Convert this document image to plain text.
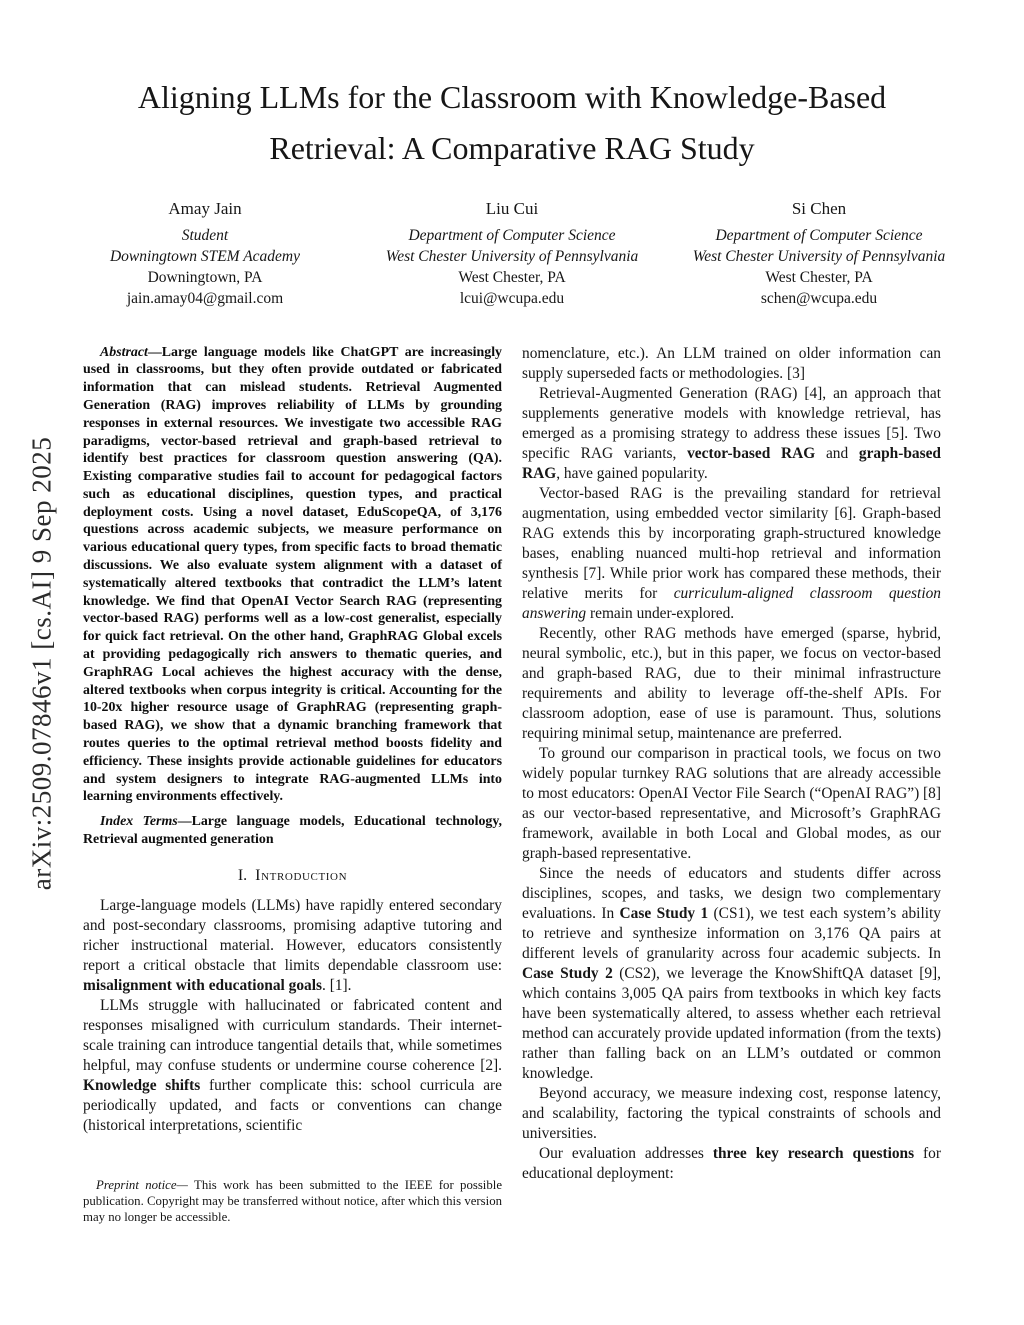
arXiv:2509.07846v1 [cs.AI] 9 Sep 2025
Aligning LLMs for the Classroom with Knowledge-Based Retrieval: A Comparative RAG Study
Amay Jain
Student
Downingtown STEM Academy
Downingtown, PA
jain.amay04@gmail.com
Liu Cui
Department of Computer Science
West Chester University of Pennsylvania
West Chester, PA
lcui@wcupa.edu
Si Chen
Department of Computer Science
West Chester University of Pennsylvania
West Chester, PA
schen@wcupa.edu

Abstract—Large language models like ChatGPT are increasingly used in classrooms, but they often provide outdated or fabricated information that can mislead students. Retrieval Augmented Generation (RAG) improves reliability of LLMs by grounding responses in external resources. We investigate two accessible RAG paradigms, vector-based retrieval and graph-based retrieval to identify best practices for classroom question answering (QA). Existing comparative studies fail to account for pedagogical factors such as educational disciplines, question types, and practical deployment costs. Using a novel dataset, EduScopeQA, of 3,176 questions across academic subjects, we measure performance on various educational query types, from specific facts to broad thematic discussions. We also evaluate system alignment with a dataset of systematically altered textbooks that contradict the LLM’s latent knowledge. We find that OpenAI Vector Search RAG (representing vector-based RAG) performs well as a low-cost generalist, especially for quick fact retrieval. On the other hand, GraphRAG Global excels at providing pedagogically rich answers to thematic queries, and GraphRAG Local achieves the highest accuracy with the dense, altered textbooks when corpus integrity is critical. Accounting for the 10-20x higher resource usage of GraphRAG (representing graph-based RAG), we show that a dynamic branching framework that routes queries to the optimal retrieval method boosts fidelity and efficiency. These insights provide actionable guidelines for educators and system designers to integrate RAG-augmented LLMs into learning environments effectively.

Index Terms—Large language models, Educational technology, Retrieval augmented generation

I. Introduction

Large-language models (LLMs) have rapidly entered secondary and post-secondary classrooms, promising adaptive tutoring and richer instructional material. However, educators consistently report a critical obstacle that limits dependable classroom use: misalignment with educational goals. [1].

LLMs struggle with hallucinated or fabricated content and responses misaligned with curriculum standards. Their internet-scale training can introduce tangential details that, while sometimes helpful, may confuse students or undermine course coherence [2]. Knowledge shifts further complicate this: school curricula are periodically updated, and facts or conventions can change (historical interpretations, scientific

Preprint notice— This work has been submitted to the IEEE for possible publication. Copyright may be transferred without notice, after which this version may no longer be accessible.

nomenclature, etc.). An LLM trained on older information can supply superseded facts or methodologies. [3]

Retrieval-Augmented Generation (RAG) [4], an approach that supplements generative models with knowledge retrieval, has emerged as a promising strategy to address these issues [5]. Two specific RAG variants, vector-based RAG and graph-based RAG, have gained popularity.

Vector-based RAG is the prevailing standard for retrieval augmentation, using embedded vector similarity [6]. Graph-based RAG extends this by incorporating graph-structured knowledge bases, enabling nuanced multi-hop retrieval and information synthesis [7]. While prior work has compared these methods, their relative merits for curriculum-aligned classroom question answering remain under-explored.

Recently, other RAG methods have emerged (sparse, hybrid, neural symbolic, etc.), but in this paper, we focus on vector-based and graph-based RAG, due to their minimal infrastructure requirements and ability to leverage off-the-shelf APIs. For classroom adoption, ease of use is paramount. Thus, solutions requiring minimal setup, maintenance are preferred.

To ground our comparison in practical tools, we focus on two widely popular turnkey RAG solutions that are already accessible to most educators: OpenAI Vector File Search (“OpenAI RAG”) [8] as our vector-based representative, and Microsoft’s GraphRAG framework, available in both Local and Global modes, as our graph-based representative.

Since the needs of educators and students differ across disciplines, scopes, and tasks, we design two complementary evaluations. In Case Study 1 (CS1), we test each system’s ability to retrieve and synthesize information on 3,176 QA pairs at different levels of granularity across four academic subjects. In Case Study 2 (CS2), we leverage the KnowShiftQA dataset [9], which contains 3,005 QA pairs from textbooks in which key facts have been systematically altered, to assess whether each retrieval method can accurately provide updated information (from the texts) rather than falling back on an LLM’s outdated or common knowledge.

Beyond accuracy, we measure indexing cost, response latency, and scalability, factoring the typical constraints of schools and universities.

Our evaluation addresses three key research questions for educational deployment:
